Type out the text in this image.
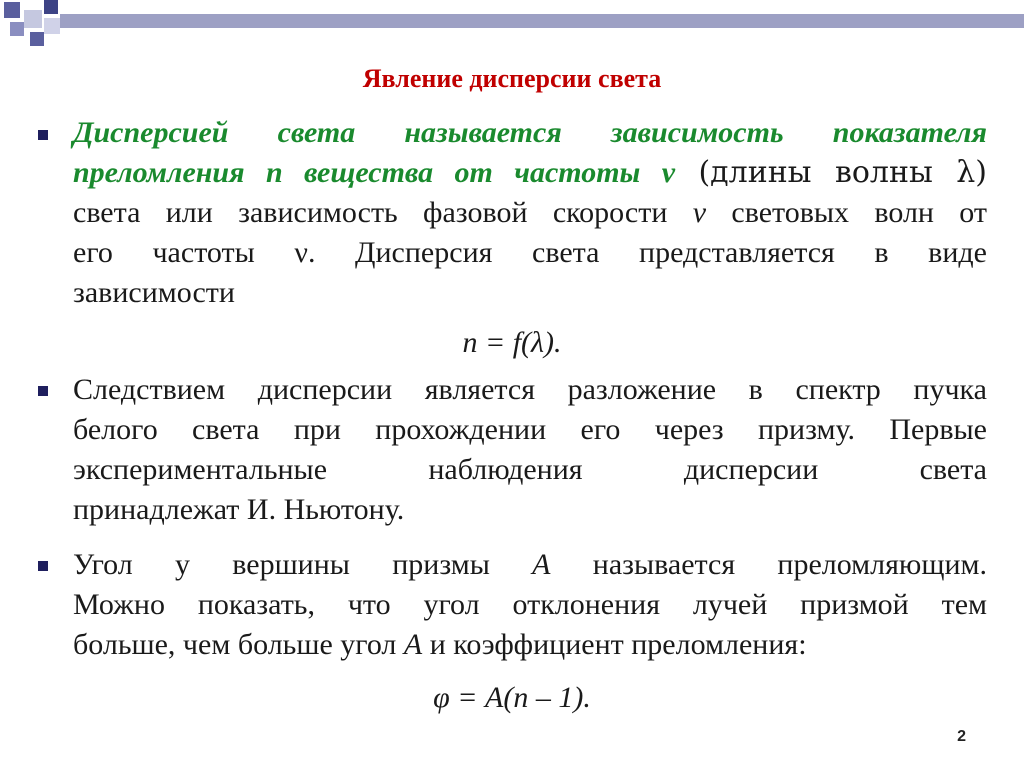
Явление дисперсии света
Дисперсией света называется зависимость показателя
преломления n вещества от частоты ν (длины волны λ)
света или зависимость фазовой скорости v световых волн от
его частоты ν. Дисперсия света представляется в виде
зависимости
n = f(λ).
Следствием дисперсии является разложение в спектр пучка
белого света при прохождении его через призму. Первые
экспериментальные наблюдения дисперсии света
принадлежат И. Ньютону.
Угол у вершины призмы A называется преломляющим.
Можно показать, что угол отклонения лучей призмой тем
больше, чем больше угол A и коэффициент преломления:
φ = A(n – 1).
2
